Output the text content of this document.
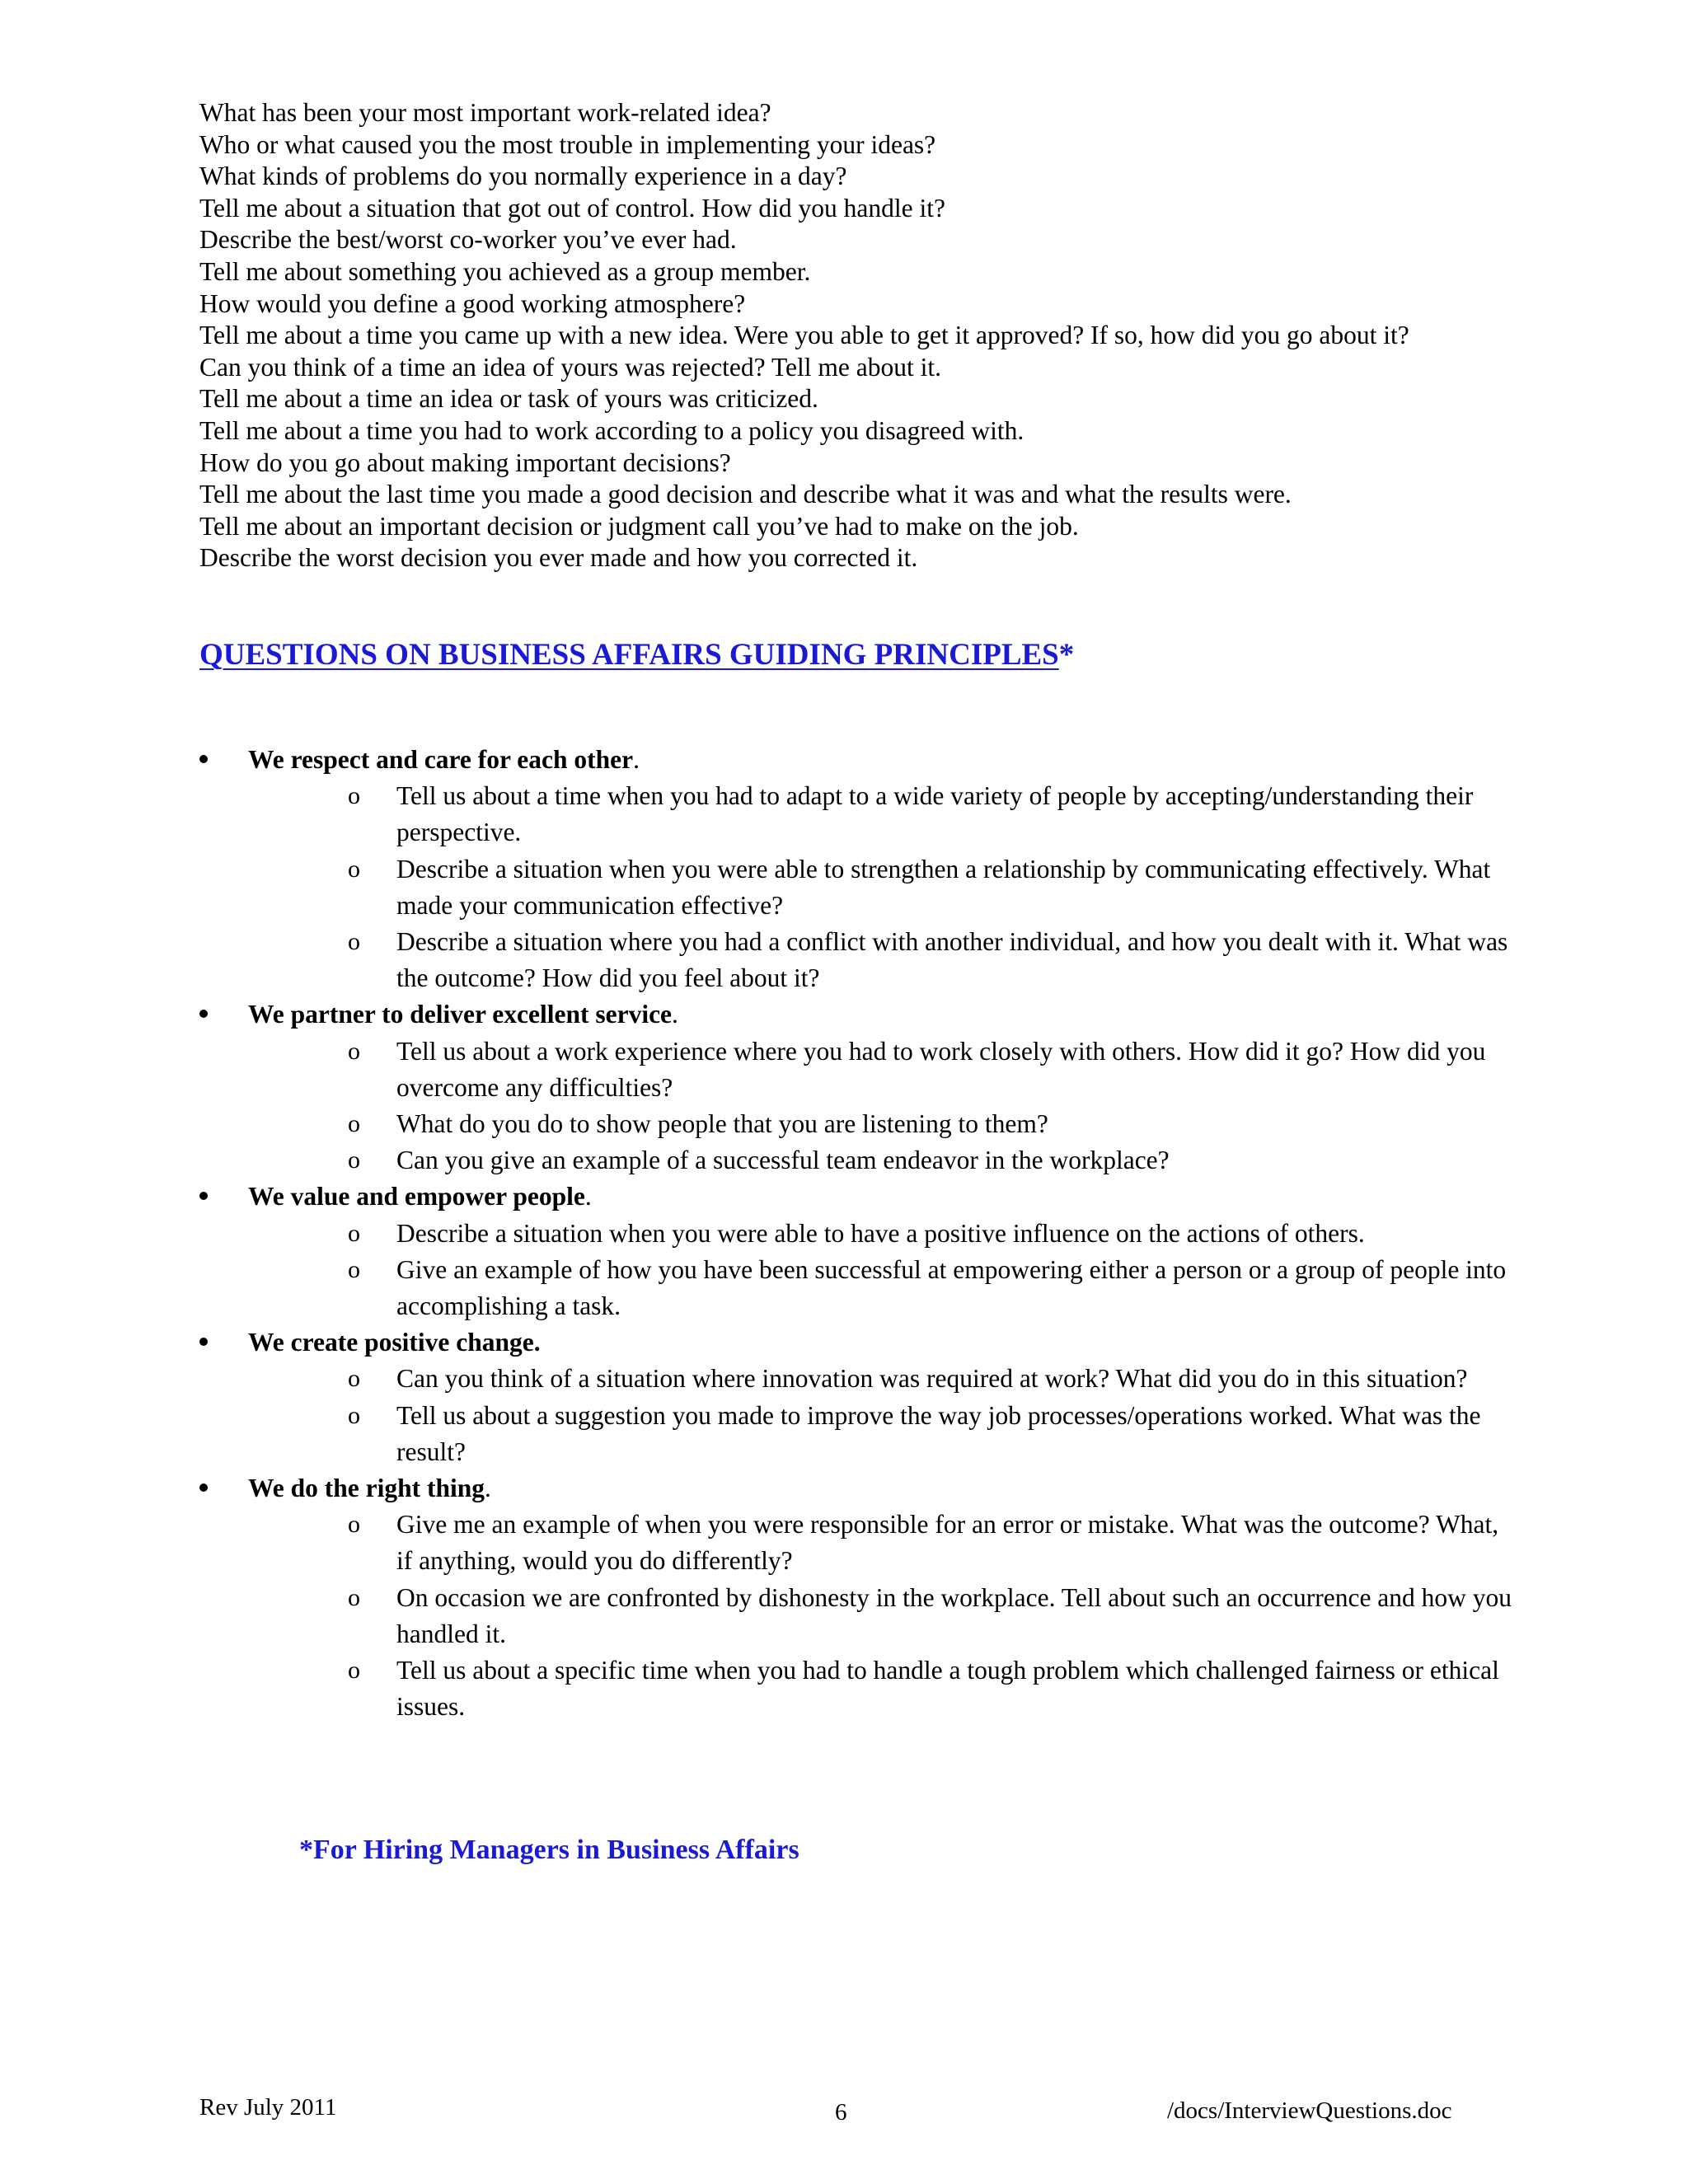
What has been your most important work-related idea?
Who or what caused you the most trouble in implementing your ideas?
What kinds of problems do you normally experience in a day?
Tell me about a situation that got out of control. How did you handle it?
Describe the best/worst co-worker you’ve ever had.
Tell me about something you achieved as a group member.
How would you define a good working atmosphere?
Tell me about a time you came up with a new idea. Were you able to get it approved? If so, how did you go about it?
Can you think of a time an idea of yours was rejected? Tell me about it.
Tell me about a time an idea or task of yours was criticized.
Tell me about a time you had to work according to a policy you disagreed with.
How do you go about making important decisions?
Tell me about the last time you made a good decision and describe what it was and what the results were.
Tell me about an important decision or judgment call you’ve had to make on the job.
Describe the worst decision you ever made and how you corrected it.
QUESTIONS ON BUSINESS AFFAIRS GUIDING PRINCIPLES*
We respect and care for each other.
o	Tell us about a time when you had to adapt to a wide variety of people by accepting/understanding their perspective.
o	Describe a situation when you were able to strengthen a relationship by communicating effectively. What made your communication effective?
o	Describe a situation where you had a conflict with another individual, and how you dealt with it. What was the outcome? How did you feel about it?
We partner to deliver excellent service.
o	Tell us about a work experience where you had to work closely with others. How did it go? How did you overcome any difficulties?
o	What do you do to show people that you are listening to them?
o	Can you give an example of a successful team endeavor in the workplace?
We value and empower people.
o	Describe a situation when you were able to have a positive influence on the actions of others.
o	Give an example of how you have been successful at empowering either a person or a group of people into accomplishing a task.
We create positive change.
o	Can you think of a situation where innovation was required at work? What did you do in this situation?
o	Tell us about a suggestion you made to improve the way job processes/operations worked. What was the result?
We do the right thing.
o	Give me an example of when you were responsible for an error or mistake. What was the outcome? What, if anything, would you do differently?
o	On occasion we are confronted by dishonesty in the workplace. Tell about such an occurrence and how you handled it.
o	Tell us about a specific time when you had to handle a tough problem which challenged fairness or ethical issues.

*For Hiring Managers in Business Affairs

Rev July 2011	6	/docs/InterviewQuestions.doc
